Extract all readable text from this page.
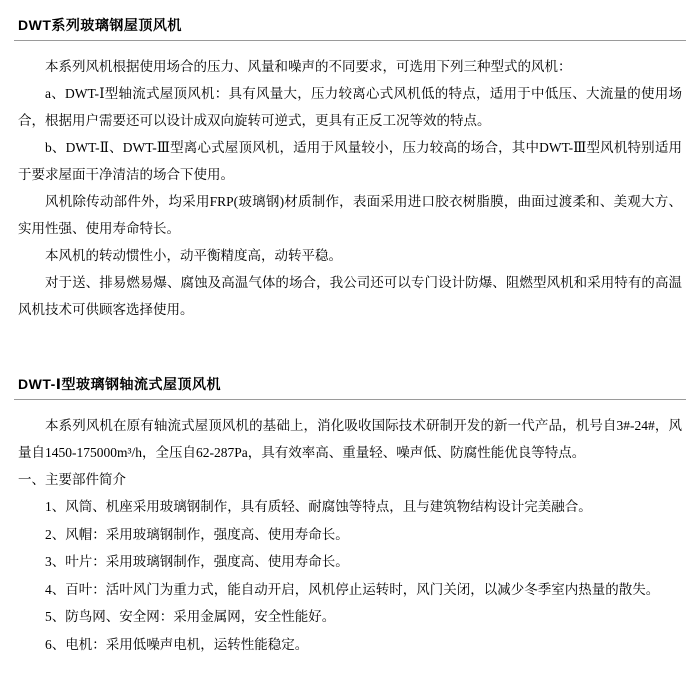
DWT系列玻璃钢屋顶风机

本系列风机根据使用场合的压力、风量和噪声的不同要求，可选用下列三种型式的风机：

a、DWT-Ⅰ型轴流式屋顶风机：具有风量大，压力较离心式风机低的特点，适用于中低压、大流量的使用场合，根据用户需要还可以设计成双向旋转可逆式，更具有正反工况等效的特点。

b、DWT-Ⅱ、DWT-Ⅲ型离心式屋顶风机，适用于风量较小，压力较高的场合，其中DWT-Ⅲ型风机特别适用于要求屋面干净清洁的场合下使用。

风机除传动部件外，均采用FRP(玻璃钢)材质制作，表面采用进口胶衣树脂膜，曲面过渡柔和、美观大方、实用性强、使用寿命特长。

本风机的转动惯性小，动平衡精度高，动转平稳。

对于送、排易燃易爆、腐蚀及高温气体的场合，我公司还可以专门设计防爆、阻燃型风机和采用特有的高温风机技术可供顾客选择使用。

DWT-Ⅰ型玻璃钢轴流式屋顶风机

本系列风机在原有轴流式屋顶风机的基础上，消化吸收国际技术研制开发的新一代产品，机号自3#-24#，风量自1450-175000m³/h，全压自62-287Pa，具有效率高、重量轻、噪声低、防腐性能优良等特点。

一、主要部件简介

1、风筒、机座采用玻璃钢制作，具有质轻、耐腐蚀等特点，且与建筑物结构设计完美融合。
2、风帽：采用玻璃钢制作，强度高、使用寿命长。
3、叶片：采用玻璃钢制作，强度高、使用寿命长。
4、百叶：活叶风门为重力式，能自动开启，风机停止运转时，风门关闭，以减少冬季室内热量的散失。
5、防鸟网、安全网：采用金属网，安全性能好。
6、电机：采用低噪声电机，运转性能稳定。
